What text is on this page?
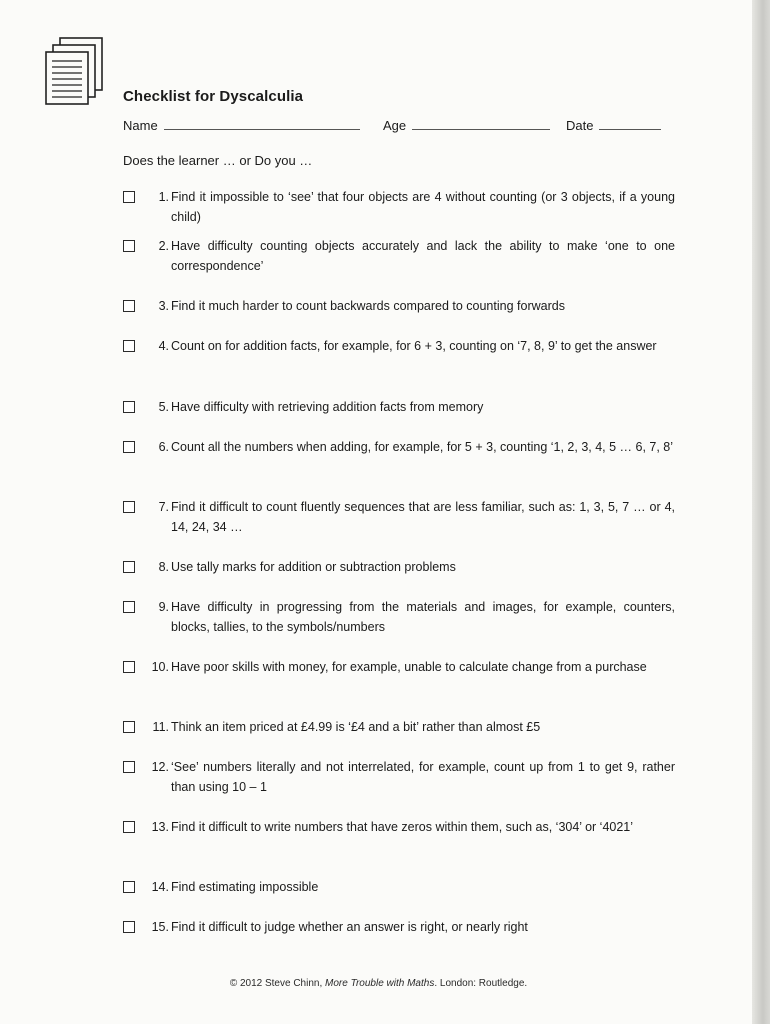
Checklist for Dyscalculia
Name	Age	Date
Does the learner … or Do you …
1. Find it impossible to ‘see’ that four objects are 4 without counting (or 3 objects, if a young child)
2. Have difficulty counting objects accurately and lack the ability to make ‘one to one correspondence’
3. Find it much harder to count backwards compared to counting forwards
4. Count on for addition facts, for example, for 6 + 3, counting on ‘7, 8, 9’ to get the answer
5. Have difficulty with retrieving addition facts from memory
6. Count all the numbers when adding, for example, for 5 + 3, counting ‘1, 2, 3, 4, 5 … 6, 7, 8’
7. Find it difficult to count fluently sequences that are less familiar, such as: 1, 3, 5, 7 … or 4, 14, 24, 34 …
8. Use tally marks for addition or subtraction problems
9. Have difficulty in progressing from the materials and images, for example, counters, blocks, tallies, to the symbols/numbers
10. Have poor skills with money, for example, unable to calculate change from a purchase
11. Think an item priced at £4.99 is ‘£4 and a bit’ rather than almost £5
12. ‘See’ numbers literally and not interrelated, for example, count up from 1 to get 9, rather than using 10 – 1
13. Find it difficult to write numbers that have zeros within them, such as, ‘304’ or ‘4021’
14. Find estimating impossible
15. Find it difficult to judge whether an answer is right, or nearly right
© 2012 Steve Chinn, More Trouble with Maths. London: Routledge.
